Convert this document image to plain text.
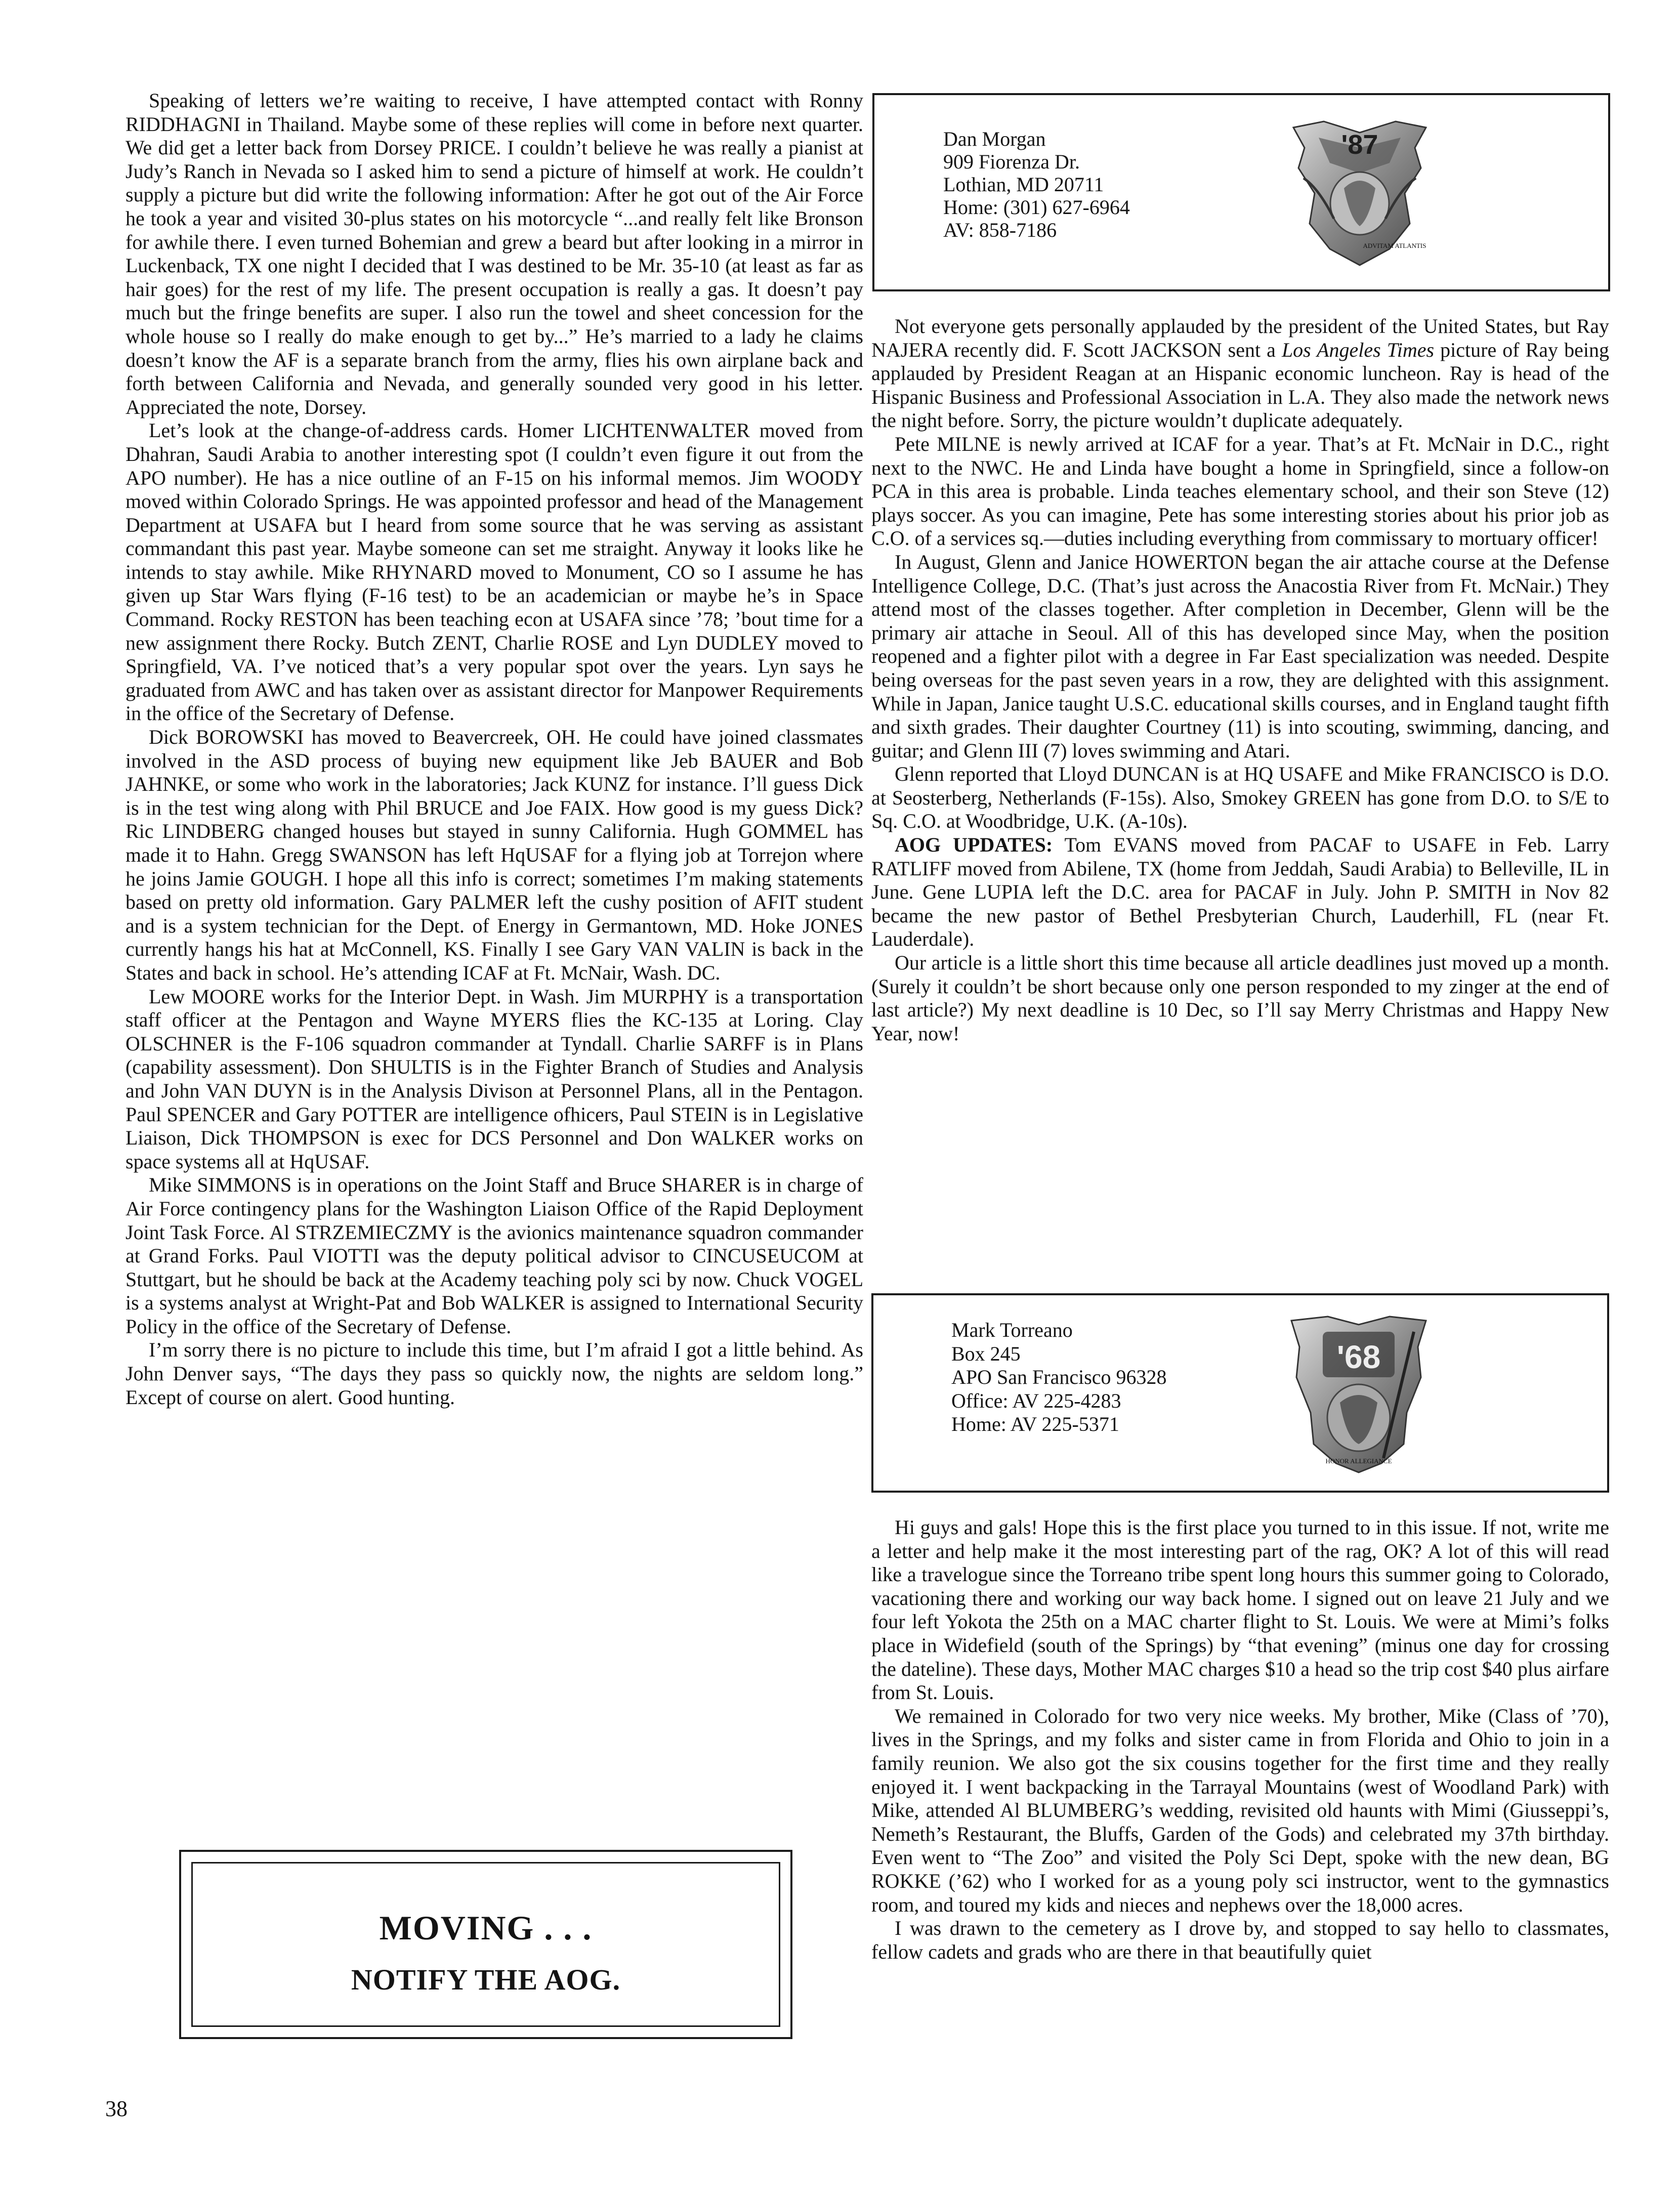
Speaking of letters we’re waiting to receive, I have attempted contact with Ronny RIDDHAGNI in Thailand. Maybe some of these replies will come in before next quarter. We did get a letter back from Dorsey PRICE. I couldn’t believe he was really a pianist at Judy’s Ranch in Nevada so I asked him to send a picture of himself at work. He couldn’t supply a picture but did write the following information: After he got out of the Air Force he took a year and visited 30-plus states on his motorcycle “...and really felt like Bronson for awhile there. I even turned Bohemian and grew a beard but after looking in a mirror in Luckenback, TX one night I decided that I was destined to be Mr. 35-10 (at least as far as hair goes) for the rest of my life. The present occupation is really a gas. It doesn’t pay much but the fringe benefits are super. I also run the towel and sheet concession for the whole house so I really do make enough to get by...” He’s married to a lady he claims doesn’t know the AF is a separate branch from the army, flies his own airplane back and forth between California and Nevada, and generally sounded very good in his letter. Appreciated the note, Dorsey.

Let’s look at the change-of-address cards. Homer LICHTENWALTER moved from Dhahran, Saudi Arabia to another interesting spot (I couldn’t even figure it out from the APO number). He has a nice outline of an F-15 on his informal memos. Jim WOODY moved within Colorado Springs. He was appointed professor and head of the Management Department at USAFA but I heard from some source that he was serving as assistant commandant this past year. Maybe someone can set me straight. Anyway it looks like he intends to stay awhile. Mike RHYNARD moved to Monument, CO so I assume he has given up Star Wars flying (F-16 test) to be an academician or maybe he’s in Space Command. Rocky RESTON has been teaching econ at USAFA since ’78; ’bout time for a new assignment there Rocky. Butch ZENT, Charlie ROSE and Lyn DUDLEY moved to Springfield, VA. I’ve noticed that’s a very popular spot over the years. Lyn says he graduated from AWC and has taken over as assistant director for Manpower Requirements in the office of the Secretary of Defense.

Dick BOROWSKI has moved to Beavercreek, OH. He could have joined classmates involved in the ASD process of buying new equipment like Jeb BAUER and Bob JAHNKE, or some who work in the laboratories; Jack KUNZ for instance. I’ll guess Dick is in the test wing along with Phil BRUCE and Joe FAIX. How good is my guess Dick? Ric LINDBERG changed houses but stayed in sunny California. Hugh GOMMEL has made it to Hahn. Gregg SWANSON has left HqUSAF for a flying job at Torrejon where he joins Jamie GOUGH. I hope all this info is correct; sometimes I’m making statements based on pretty old information. Gary PALMER left the cushy position of AFIT student and is a system technician for the Dept. of Energy in Germantown, MD. Hoke JONES currently hangs his hat at McConnell, KS. Finally I see Gary VAN VALIN is back in the States and back in school. He’s attending ICAF at Ft. McNair, Wash. DC.

Lew MOORE works for the Interior Dept. in Wash. Jim MURPHY is a transportation staff officer at the Pentagon and Wayne MYERS flies the KC-135 at Loring. Clay OLSCHNER is the F-106 squadron commander at Tyndall. Charlie SARFF is in Plans (capability assessment). Don SHULTIS is in the Fighter Branch of Studies and Analysis and John VAN DUYN is in the Analysis Divison at Personnel Plans, all in the Pentagon. Paul SPENCER and Gary POTTER are intelligence ofhicers, Paul STEIN is in Legislative Liaison, Dick THOMPSON is exec for DCS Personnel and Don WALKER works on space systems all at HqUSAF.

Mike SIMMONS is in operations on the Joint Staff and Bruce SHARER is in charge of Air Force contingency plans for the Washington Liaison Office of the Rapid Deployment Joint Task Force. Al STRZEMIECZMY is the avionics maintenance squadron commander at Grand Forks. Paul VIOTTI was the deputy political advisor to CINCUSEUCOM at Stuttgart, but he should be back at the Academy teaching poly sci by now. Chuck VOGEL is a systems analyst at Wright-Pat and Bob WALKER is assigned to International Security Policy in the office of the Secretary of Defense.

I’m sorry there is no picture to include this time, but I’m afraid I got a little behind. As John Denver says, “The days they pass so quickly now, the nights are seldom long.” Except of course on alert. Good hunting.

MOVING . . .
NOTIFY THE AOG.
Dan Morgan
909 Fiorenza Dr.
Lothian, MD 20711
Home: (301) 627-6964
AV: 858-7186
'87
ADVITAM ATLANTIS

Not everyone gets personally applauded by the president of the United States, but Ray NAJERA recently did. F. Scott JACKSON sent a Los Angeles Times picture of Ray being applauded by President Reagan at an Hispanic economic luncheon. Ray is head of the Hispanic Business and Professional Association in L.A. They also made the network news the night before. Sorry, the picture wouldn’t duplicate adequately.

Pete MILNE is newly arrived at ICAF for a year. That’s at Ft. McNair in D.C., right next to the NWC. He and Linda have bought a home in Springfield, since a follow-on PCA in this area is probable. Linda teaches elementary school, and their son Steve (12) plays soccer. As you can imagine, Pete has some interesting stories about his prior job as C.O. of a services sq.—duties including everything from commissary to mortuary officer!

In August, Glenn and Janice HOWERTON began the air attache course at the Defense Intelligence College, D.C. (That’s just across the Anacostia River from Ft. McNair.) They attend most of the classes together. After completion in December, Glenn will be the primary air attache in Seoul. All of this has developed since May, when the position reopened and a fighter pilot with a degree in Far East specialization was needed. Despite being overseas for the past seven years in a row, they are delighted with this assignment. While in Japan, Janice taught U.S.C. educational skills courses, and in England taught fifth and sixth grades. Their daughter Courtney (11) is into scouting, swimming, dancing, and guitar; and Glenn III (7) loves swimming and Atari.

Glenn reported that Lloyd DUNCAN is at HQ USAFE and Mike FRANCISCO is D.O. at Seosterberg, Netherlands (F-15s). Also, Smokey GREEN has gone from D.O. to S/E to Sq. C.O. at Woodbridge, U.K. (A-10s).

AOG UPDATES: Tom EVANS moved from PACAF to USAFE in Feb. Larry RATLIFF moved from Abilene, TX (home from Jeddah, Saudi Arabia) to Belleville, IL in June. Gene LUPIA left the D.C. area for PACAF in July. John P. SMITH in Nov 82 became the new pastor of Bethel Presbyterian Church, Lauderhill, FL (near Ft. Lauderdale).

Our article is a little short this time because all article deadlines just moved up a month. (Surely it couldn’t be short because only one person responded to my zinger at the end of last article?) My next deadline is 10 Dec, so I’ll say Merry Christmas and Happy New Year, now!

Mark Torreano
Box 245
APO San Francisco 96328
Office: AV 225-4283
Home: AV 225-5371
'68
HONOR ALLEGIANCE

Hi guys and gals! Hope this is the first place you turned to in this issue. If not, write me a letter and help make it the most interesting part of the rag, OK? A lot of this will read like a travelogue since the Torreano tribe spent long hours this summer going to Colorado, vacationing there and working our way back home. I signed out on leave 21 July and we four left Yokota the 25th on a MAC charter flight to St. Louis. We were at Mimi’s folks place in Widefield (south of the Springs) by “that evening” (minus one day for crossing the dateline). These days, Mother MAC charges $10 a head so the trip cost $40 plus airfare from St. Louis.

We remained in Colorado for two very nice weeks. My brother, Mike (Class of ’70), lives in the Springs, and my folks and sister came in from Florida and Ohio to join in a family reunion. We also got the six cousins together for the first time and they really enjoyed it. I went backpacking in the Tarrayal Mountains (west of Woodland Park) with Mike, attended Al BLUMBERG’s wedding, revisited old haunts with Mimi (Giusseppi’s, Nemeth’s Restaurant, the Bluffs, Garden of the Gods) and celebrated my 37th birthday. Even went to “The Zoo” and visited the Poly Sci Dept, spoke with the new dean, BG ROKKE (’62) who I worked for as a young poly sci instructor, went to the gymnastics room, and toured my kids and nieces and nephews over the 18,000 acres.

I was drawn to the cemetery as I drove by, and stopped to say hello to classmates, fellow cadets and grads who are there in that beautifully quiet

38
